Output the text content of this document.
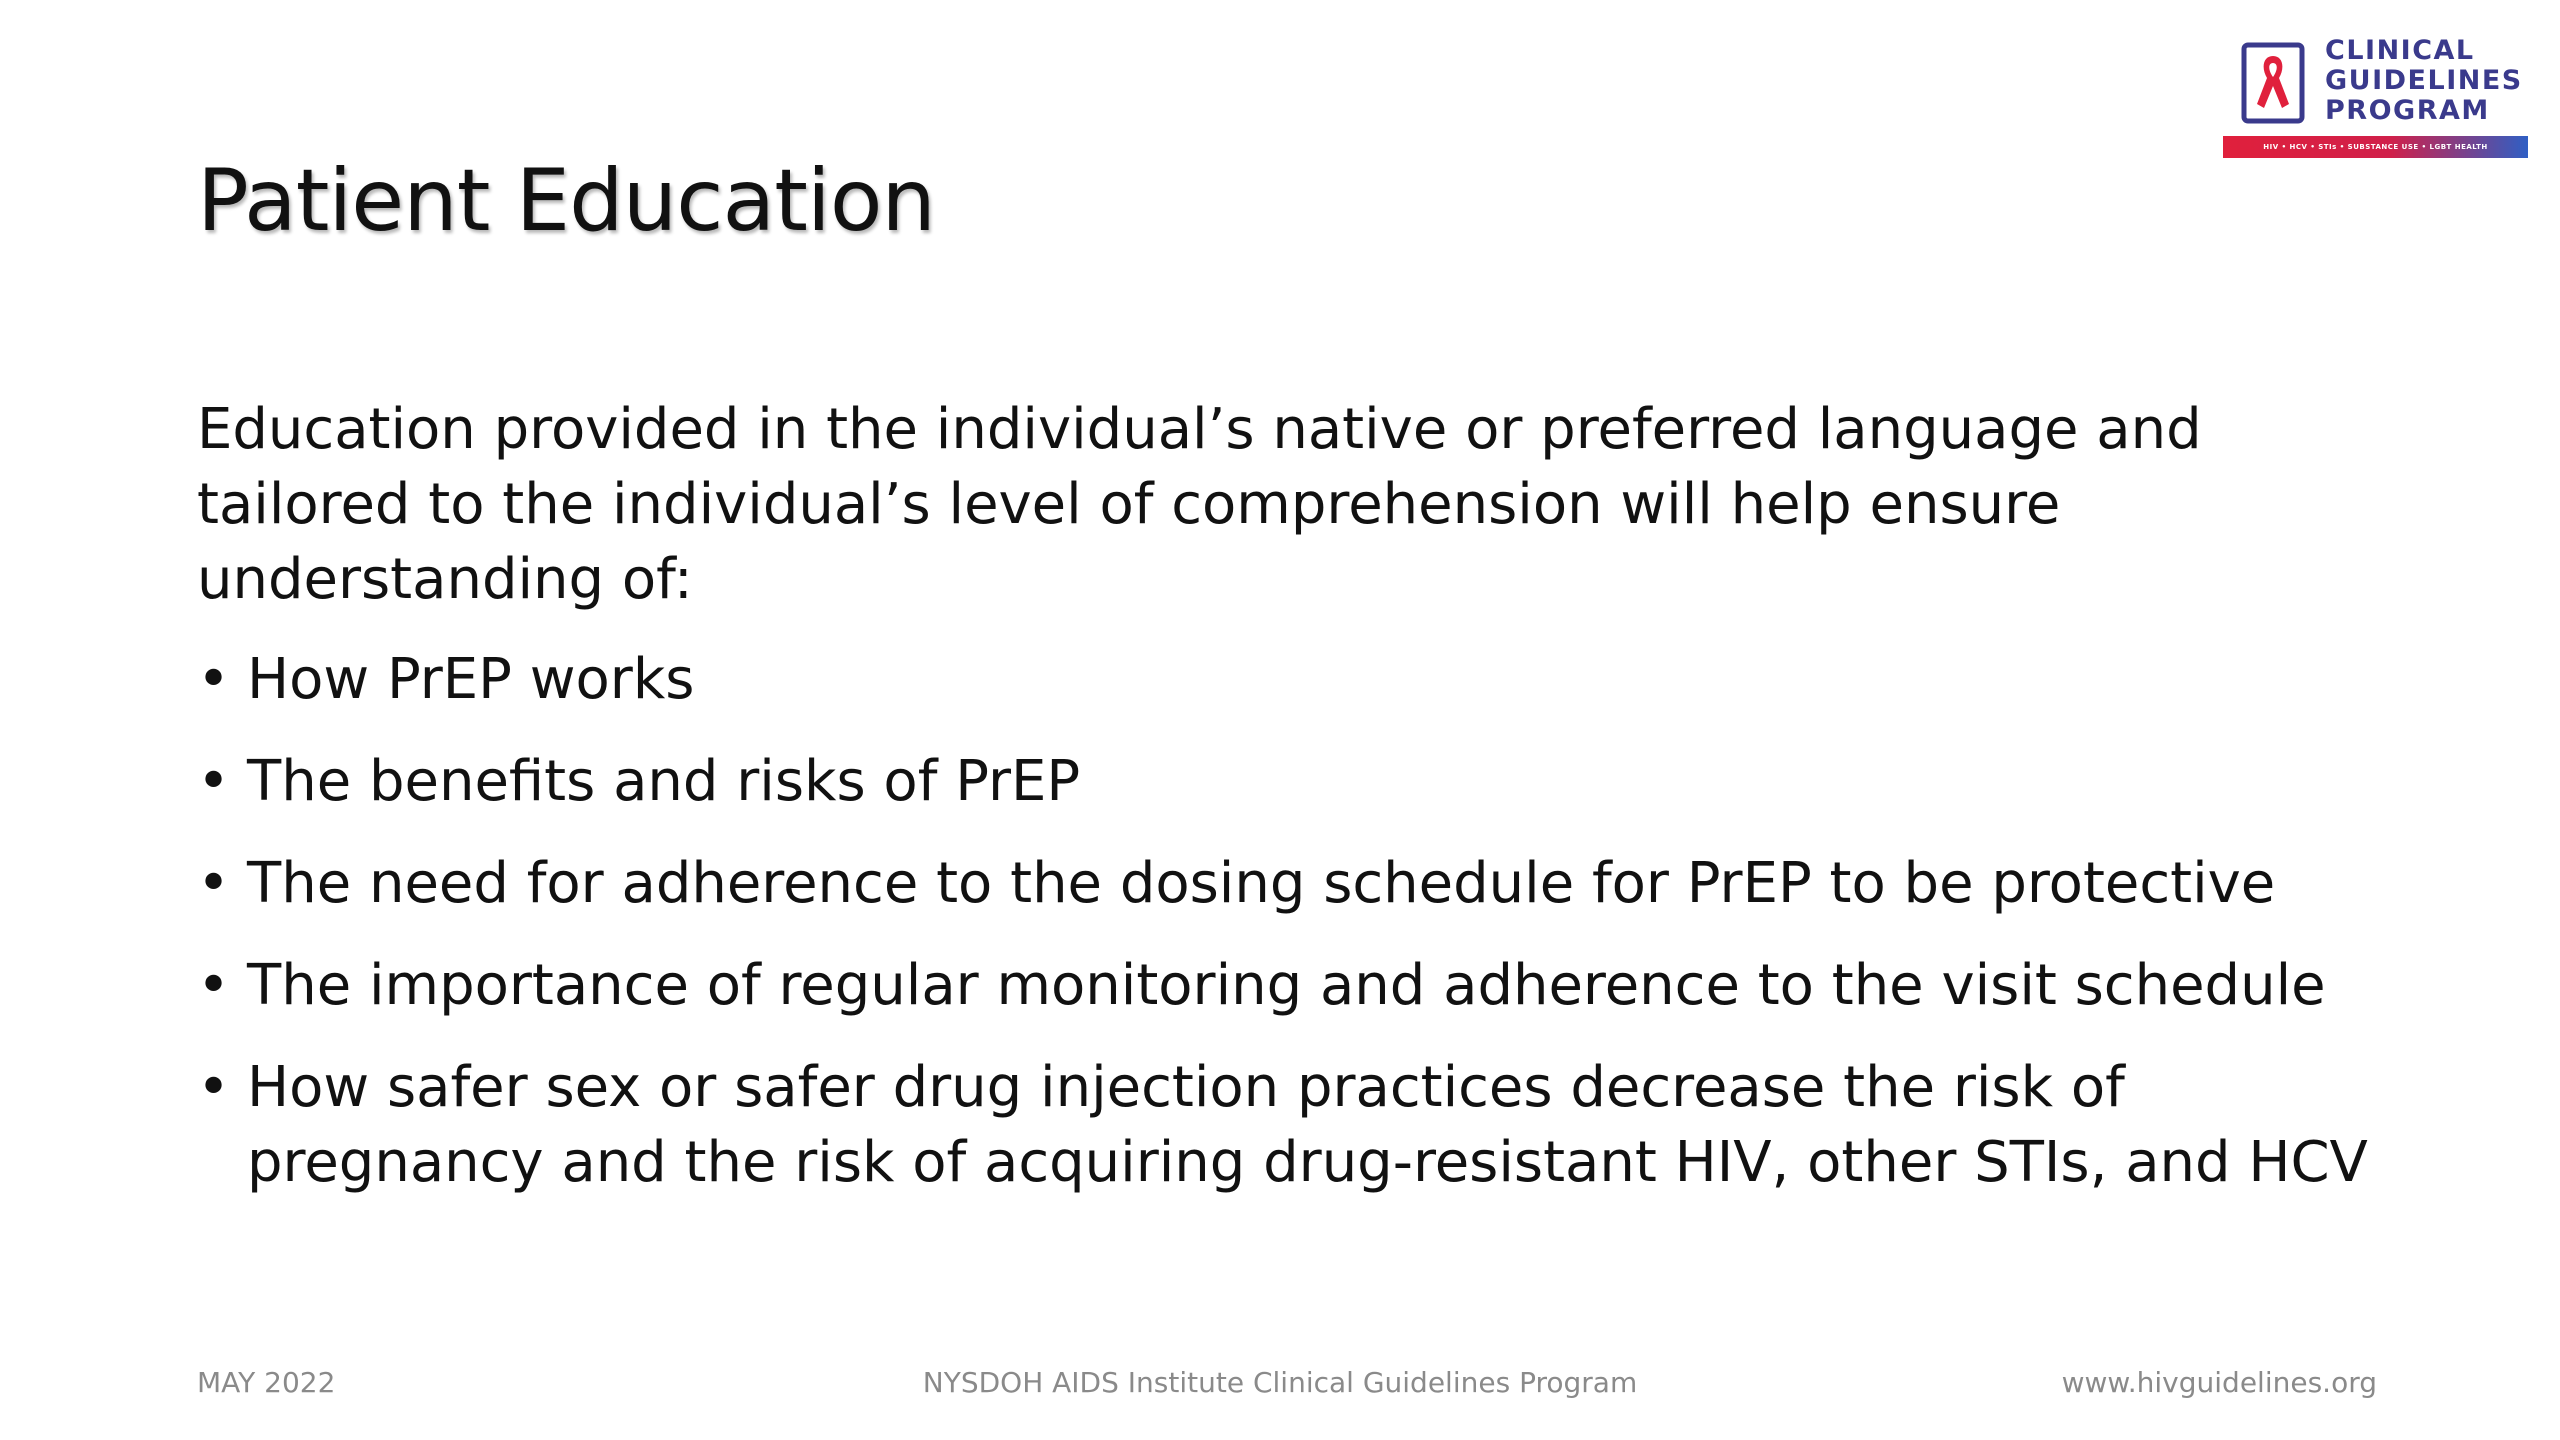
CLINICAL
GUIDELINES
PROGRAM
HIV • HCV • STIs • SUBSTANCE USE • LGBT HEALTH
Patient Education

Education provided in the individual’s native or preferred language and tailored to the individual’s level of comprehension will help ensure understanding of:

• How PrEP works
• The benefits and risks of PrEP
• The need for adherence to the dosing schedule for PrEP to be protective
• The importance of regular monitoring and adherence to the visit schedule
• How safer sex or safer drug injection practices decrease the risk of pregnancy and the risk of acquiring drug-resistant HIV, other STIs, and HCV
MAY 2022	NYSDOH AIDS Institute Clinical Guidelines Program	www.hivguidelines.org
